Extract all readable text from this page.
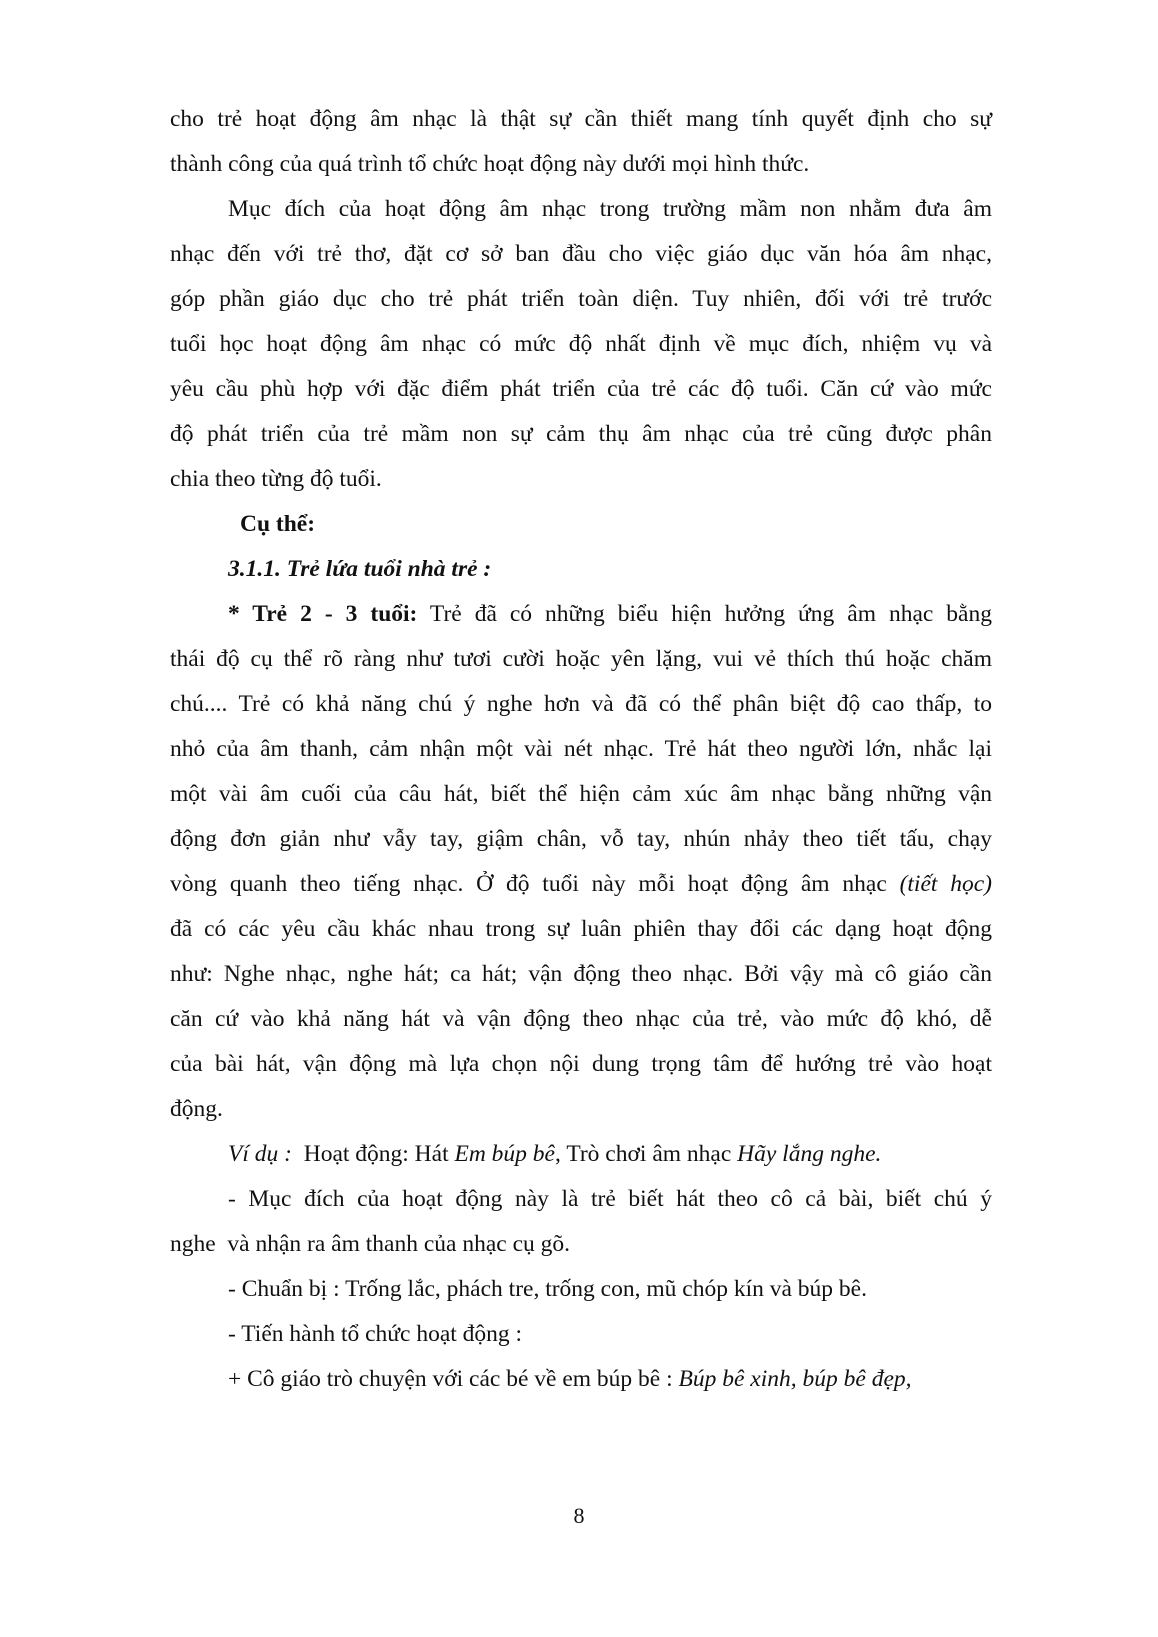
cho trẻ hoạt động âm nhạc là thật sự cần thiết mang tính quyết định cho sự
thành công của quá trình tổ chức hoạt động này dưới mọi hình thức.
Mục đích của hoạt động âm nhạc trong trường mầm non nhằm đưa âm
nhạc đến với trẻ thơ, đặt cơ sở ban đầu cho việc giáo dục văn hóa âm nhạc,
góp phần giáo dục cho trẻ phát triển toàn diện. Tuy nhiên, đối với trẻ trước
tuổi học hoạt động âm nhạc có mức độ nhất định về mục đích, nhiệm vụ và
yêu cầu phù hợp với đặc điểm phát triển của trẻ các độ tuổi. Căn cứ vào mức
độ phát triển của trẻ mầm non sự cảm thụ âm nhạc của trẻ cũng được phân
chia theo từng độ tuổi.
Cụ thể:
3.1.1. Trẻ lứa tuổi nhà trẻ :
* Trẻ 2 - 3 tuổi: Trẻ đã có những biểu hiện hưởng ứng âm nhạc bằng
thái độ cụ thể rõ ràng như tươi cười hoặc yên lặng, vui vẻ thích thú hoặc chăm
chú.... Trẻ có khả năng chú ý nghe hơn và đã có thể phân biệt độ cao thấp, to
nhỏ của âm thanh, cảm nhận một vài nét nhạc. Trẻ hát theo người lớn, nhắc lại
một vài âm cuối của câu hát, biết thể hiện cảm xúc âm nhạc bằng những vận
động đơn giản như vẫy tay, giậm chân, vỗ tay, nhún nhảy theo tiết tấu, chạy
vòng quanh theo tiếng nhạc. Ở độ tuổi này mỗi hoạt động âm nhạc (tiết học)
đã có các yêu cầu khác nhau trong sự luân phiên thay đổi các dạng hoạt động
như: Nghe nhạc, nghe hát; ca hát; vận động theo nhạc. Bởi vậy mà cô giáo cần
căn cứ vào khả năng hát và vận động theo nhạc của trẻ, vào mức độ khó, dễ
của bài hát, vận động mà lựa chọn nội dung trọng tâm để hướng trẻ vào hoạt
động.
Ví dụ :  Hoạt động: Hát Em búp bê, Trò chơi âm nhạc Hãy lắng nghe.
- Mục đích của hoạt động này là trẻ biết hát theo cô cả bài, biết chú ý
nghe  và nhận ra âm thanh của nhạc cụ gõ.
- Chuẩn bị : Trống lắc, phách tre, trống con, mũ chóp kín và búp bê.
- Tiến hành tổ chức hoạt động :
+ Cô giáo trò chuyện với các bé về em búp bê : Búp bê xinh, búp bê đẹp,
8
